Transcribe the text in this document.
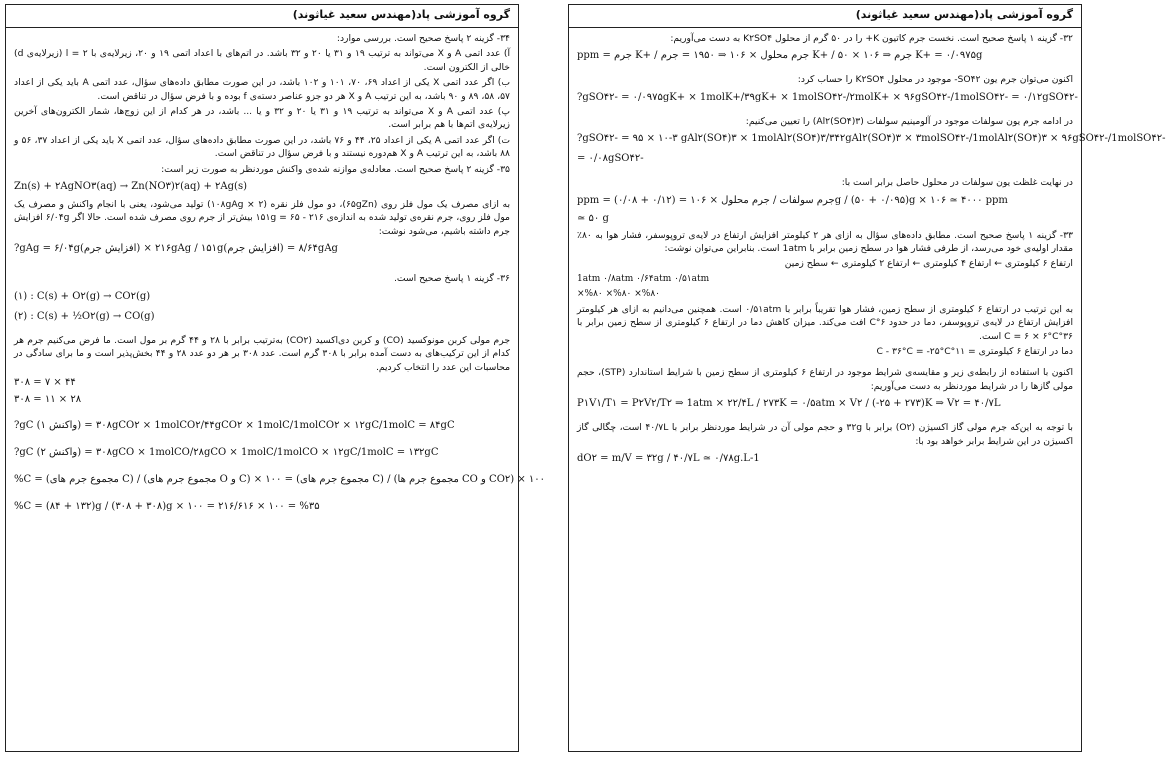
گروه آموزشی پاد(مهندس سعید غیاثوند)

۳۴- گزینه ۲ پاسخ صحیح است. بررسی موارد:

آ) عدد اتمی A و X می‌تواند به ترتیب ۱۹ و ۳۱ یا ۲۰ و ۳۲ باشد. در اتم‌های با اعداد اتمی ۱۹ و ۲۰، زیرلایه‌ی با l = ۲ (زیرلایه‌ی d) خالی از الکترون است.

ب) اگر عدد اتمی X یکی از اعداد ۶۹، ۷۰، ۱۰۱ و ۱۰۲ باشد، در این صورت مطابق داده‌های سؤال، عدد اتمی A باید یکی از اعداد ۵۷، ۵۸، ۸۹ و ۹۰ باشد، به این ترتیب A و X هر دو جزو عناصر دسته‌ی f بوده و با فرض سؤال در تناقض است.

پ) عدد اتمی A و X می‌تواند به ترتیب ۱۹ و ۳۱ یا ۲۰ و ۳۲ و یا ... باشد، در هر کدام از این زوج‌ها، شمار الکترون‌های آخرین زیرلایه‌ی اتم‌ها با هم برابر است.

ت) اگر عدد اتمی A یکی از اعداد ۲۵، ۴۴ و ۷۶ باشد، در این صورت مطابق داده‌های سؤال، عدد اتمی X باید یکی از اعداد ۳۷، ۵۶ و ۸۸ باشد، به این ترتیب A و X هم‌دوره نیستند و با فرض سؤال در تناقض است.

۳۵- گزینه ۲ پاسخ صحیح است. معادله‌ی موازنه شده‌ی واکنش موردنظر به صورت زیر است:

Zn(s) + ۲AgNO۳(aq) → Zn(NO۳)۲(aq) + ۲Ag(s)

به ازای مصرف یک مول فلز روی (۶۵gZn)، دو مول فلز نقره (۲ × ۱۰۸gAg) تولید می‌شود، یعنی با انجام واکنش و مصرف یک مول فلز روی، جرم نقره‌ی تولید شده به اندازه‌ی ۱۵۱g = ۶۵ - ۲۱۶ بیش‌تر از جرم روی مصرف شده است. حالا اگر ۶/۰۴g افزایش جرم داشته باشیم، می‌شود نوشت:

?gAg = ۶/۰۴g(افزایش جرم) × ۲۱۶gAg / ۱۵۱g(افزایش جرم) = ۸/۶۴gAg

۳۶- گزینه ۱ پاسخ صحیح است.

(۱) : C(s) + O۲(g) → CO۲(g)
(۲) : C(s) + ½O۲(g) → CO(g)

جرم مولی کربن مونوکسید (CO) و کربن دی‌اکسید (CO۲) به‌ترتیب برابر با ۲۸ و ۴۴ گرم بر مول است. ما فرض می‌کنیم جرم هر کدام از این ترکیب‌های به دست آمده برابر با ۳۰۸ گرم است. عدد ۳۰۸ بر هر دو عدد ۲۸ و ۴۴ بخش‌پذیر است و ما برای سادگی در محاسبات این عدد را انتخاب کردیم.

۳۰۸ = ۷ × ۴۴
۳۰۸ = ۱۱ × ۲۸
?gC (واکنش ۱) = ۳۰۸gCO۲ × 1molCO۲/۴۴gCO۲ × 1molC/1molCO۲ × ۱۲gC/1molC = ۸۴gC
?gC (واکنش ۲) = ۳۰۸gCO × 1molCO/۲۸gCO × 1molC/1molCO × ۱۲gC/1molC = ۱۳۲gC
%C = (مجموع جرم های C) / (مجموع جرم های O و C) × ۱۰۰ = (مجموع جرم های C) / (مجموع جرم ها CO و CO۲) × ۱۰۰
%C = (۸۴ + ۱۳۲)g / (۳۰۸ + ۳۰۸)g × ۱۰۰ = ۲۱۶/۶۱۶ × ۱۰۰ = %۳۵
گروه آموزشی پاد(مهندس سعید غیاثوند)

۳۲- گزینه ۱ پاسخ صحیح است. نخست جرم کاتیون K+ را در ۵۰ گرم از محلول K۲SO۴ به دست می‌آوریم:

ppm = جرم K+ / جرم محلول × ۱۰۶ ⇒ ۱۹۵۰ = جرم K+ / ۵۰ × ۱۰۶ ⇒ جرم K+ = ۰/۰۹۷۵g

اکنون می‌توان جرم یون SO۴۲- موجود در محلول K۲SO۴ را حساب کرد:

?gSO۴۲- = ۰/۰۹۷۵gK+ × 1molK+/۳۹gK+ × 1molSO۴۲-/۲molK+ × ۹۶gSO۴۲-/1molSO۴۲- = ۰/۱۲gSO۴۲-

در ادامه جرم یون سولفات موجود در آلومینیم سولفات (Al۲(SO۴)۳) را تعیین می‌کنیم:

?gSO۴۲- = ۹۵ × ۱۰-۳ gAl۲(SO۴)۳ × 1molAl۲(SO۴)۳/۳۴۲gAl۲(SO۴)۳ × ۳molSO۴۲-/1molAl۲(SO۴)۳ × ۹۶gSO۴۲-/1molSO۴۲-
= ۰/۰۸gSO۴۲-

در نهایت غلظت یون سولفات در محلول حاصل برابر است با:

ppm = جرم سولفات / جرم محلول × ۱۰۶ = (۰/۱۲ + ۰/۰۸)g / (۵۰ + ۰/۰۹۵)g × ۱۰۶ ≃ ۴۰۰۰ ppm
≃ ۵۰ g

۳۳- گزینه ۱ پاسخ صحیح است. مطابق داده‌های سؤال به ازای هر ۲ کیلومتر افزایش ارتفاع در لایه‌ی تروپوسفر، فشار هوا به ۸۰٪ مقدار اولیه‌ی خود می‌رسد، از طرفی فشار هوا در سطح زمین برابر با 1atm است. بنابراین می‌توان نوشت:

ارتفاع ۶ کیلومتری ← ارتفاع ۴ کیلومتری ← ارتفاع ۲ کیلومتری ← سطح زمین
1atm ۰/۸atm ۰/۶۴atm ۰/۵۱atm
×%۸۰ ×%۸۰ ×%۸۰

به این ترتیب در ارتفاع ۶ کیلومتری از سطح زمین، فشار هوا تقریباً برابر با ۰/۵۱atm است. همچنین می‌دانیم به ازای هر کیلومتر افزایش ارتفاع در لایه‌ی تروپوسفر، دما در حدود ۶°C افت می‌کند. میزان کاهش دما در ارتفاع ۶ کیلومتری از سطح زمین برابر با ۳۶°C = ۶ × ۶°C است.

دما در ارتفاع ۶ کیلومتری = ۱۱°C - ۳۶°C = -۲۵°C

اکنون با استفاده از رابطه‌ی زیر و مقایسه‌ی شرایط موجود در ارتفاع ۶ کیلومتری از سطح زمین با شرایط استاندارد (STP)، حجم مولی گازها را در شرایط موردنظر به دست می‌آوریم:

P۱V۱/T۱ = P۲V۲/T۲ ⇒ 1atm × ۲۲/۴L / ۲۷۳K = ۰/۵atm × V۲ / (-۲۵ + ۲۷۳)K ⇒ V۲ = ۴۰/۷L

با توجه به این‌که جرم مولی گاز اکسیژن (O۲) برابر با ۳۲g و حجم مولی آن در شرایط موردنظر برابر با ۴۰/۷L است، چگالی گاز اکسیژن در این شرایط برابر خواهد بود با:

dO۲ = m/V = ۳۲g / ۴۰/۷L ≃ ۰/۷۸g.L-1
